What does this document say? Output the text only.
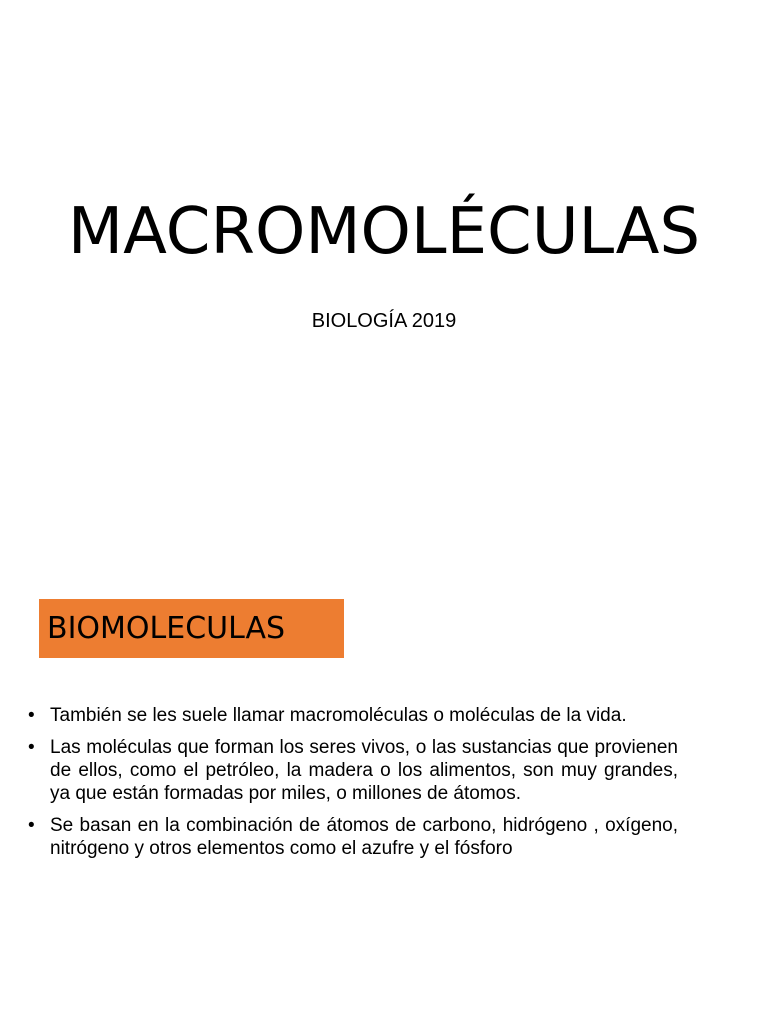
MACROMOLÉCULAS
BIOLOGÍA 2019
BIOMOLECULAS
• También se les suele llamar macromoléculas o moléculas de la vida.
• Las moléculas que forman los seres vivos, o las sustancias que provienen de ellos, como el petróleo, la madera o los alimentos, son muy grandes, ya que están formadas por miles, o millones de átomos.
• Se basan en la combinación de átomos de carbono, hidrógeno , oxígeno, nitrógeno y otros elementos como el azufre y el fósforo
